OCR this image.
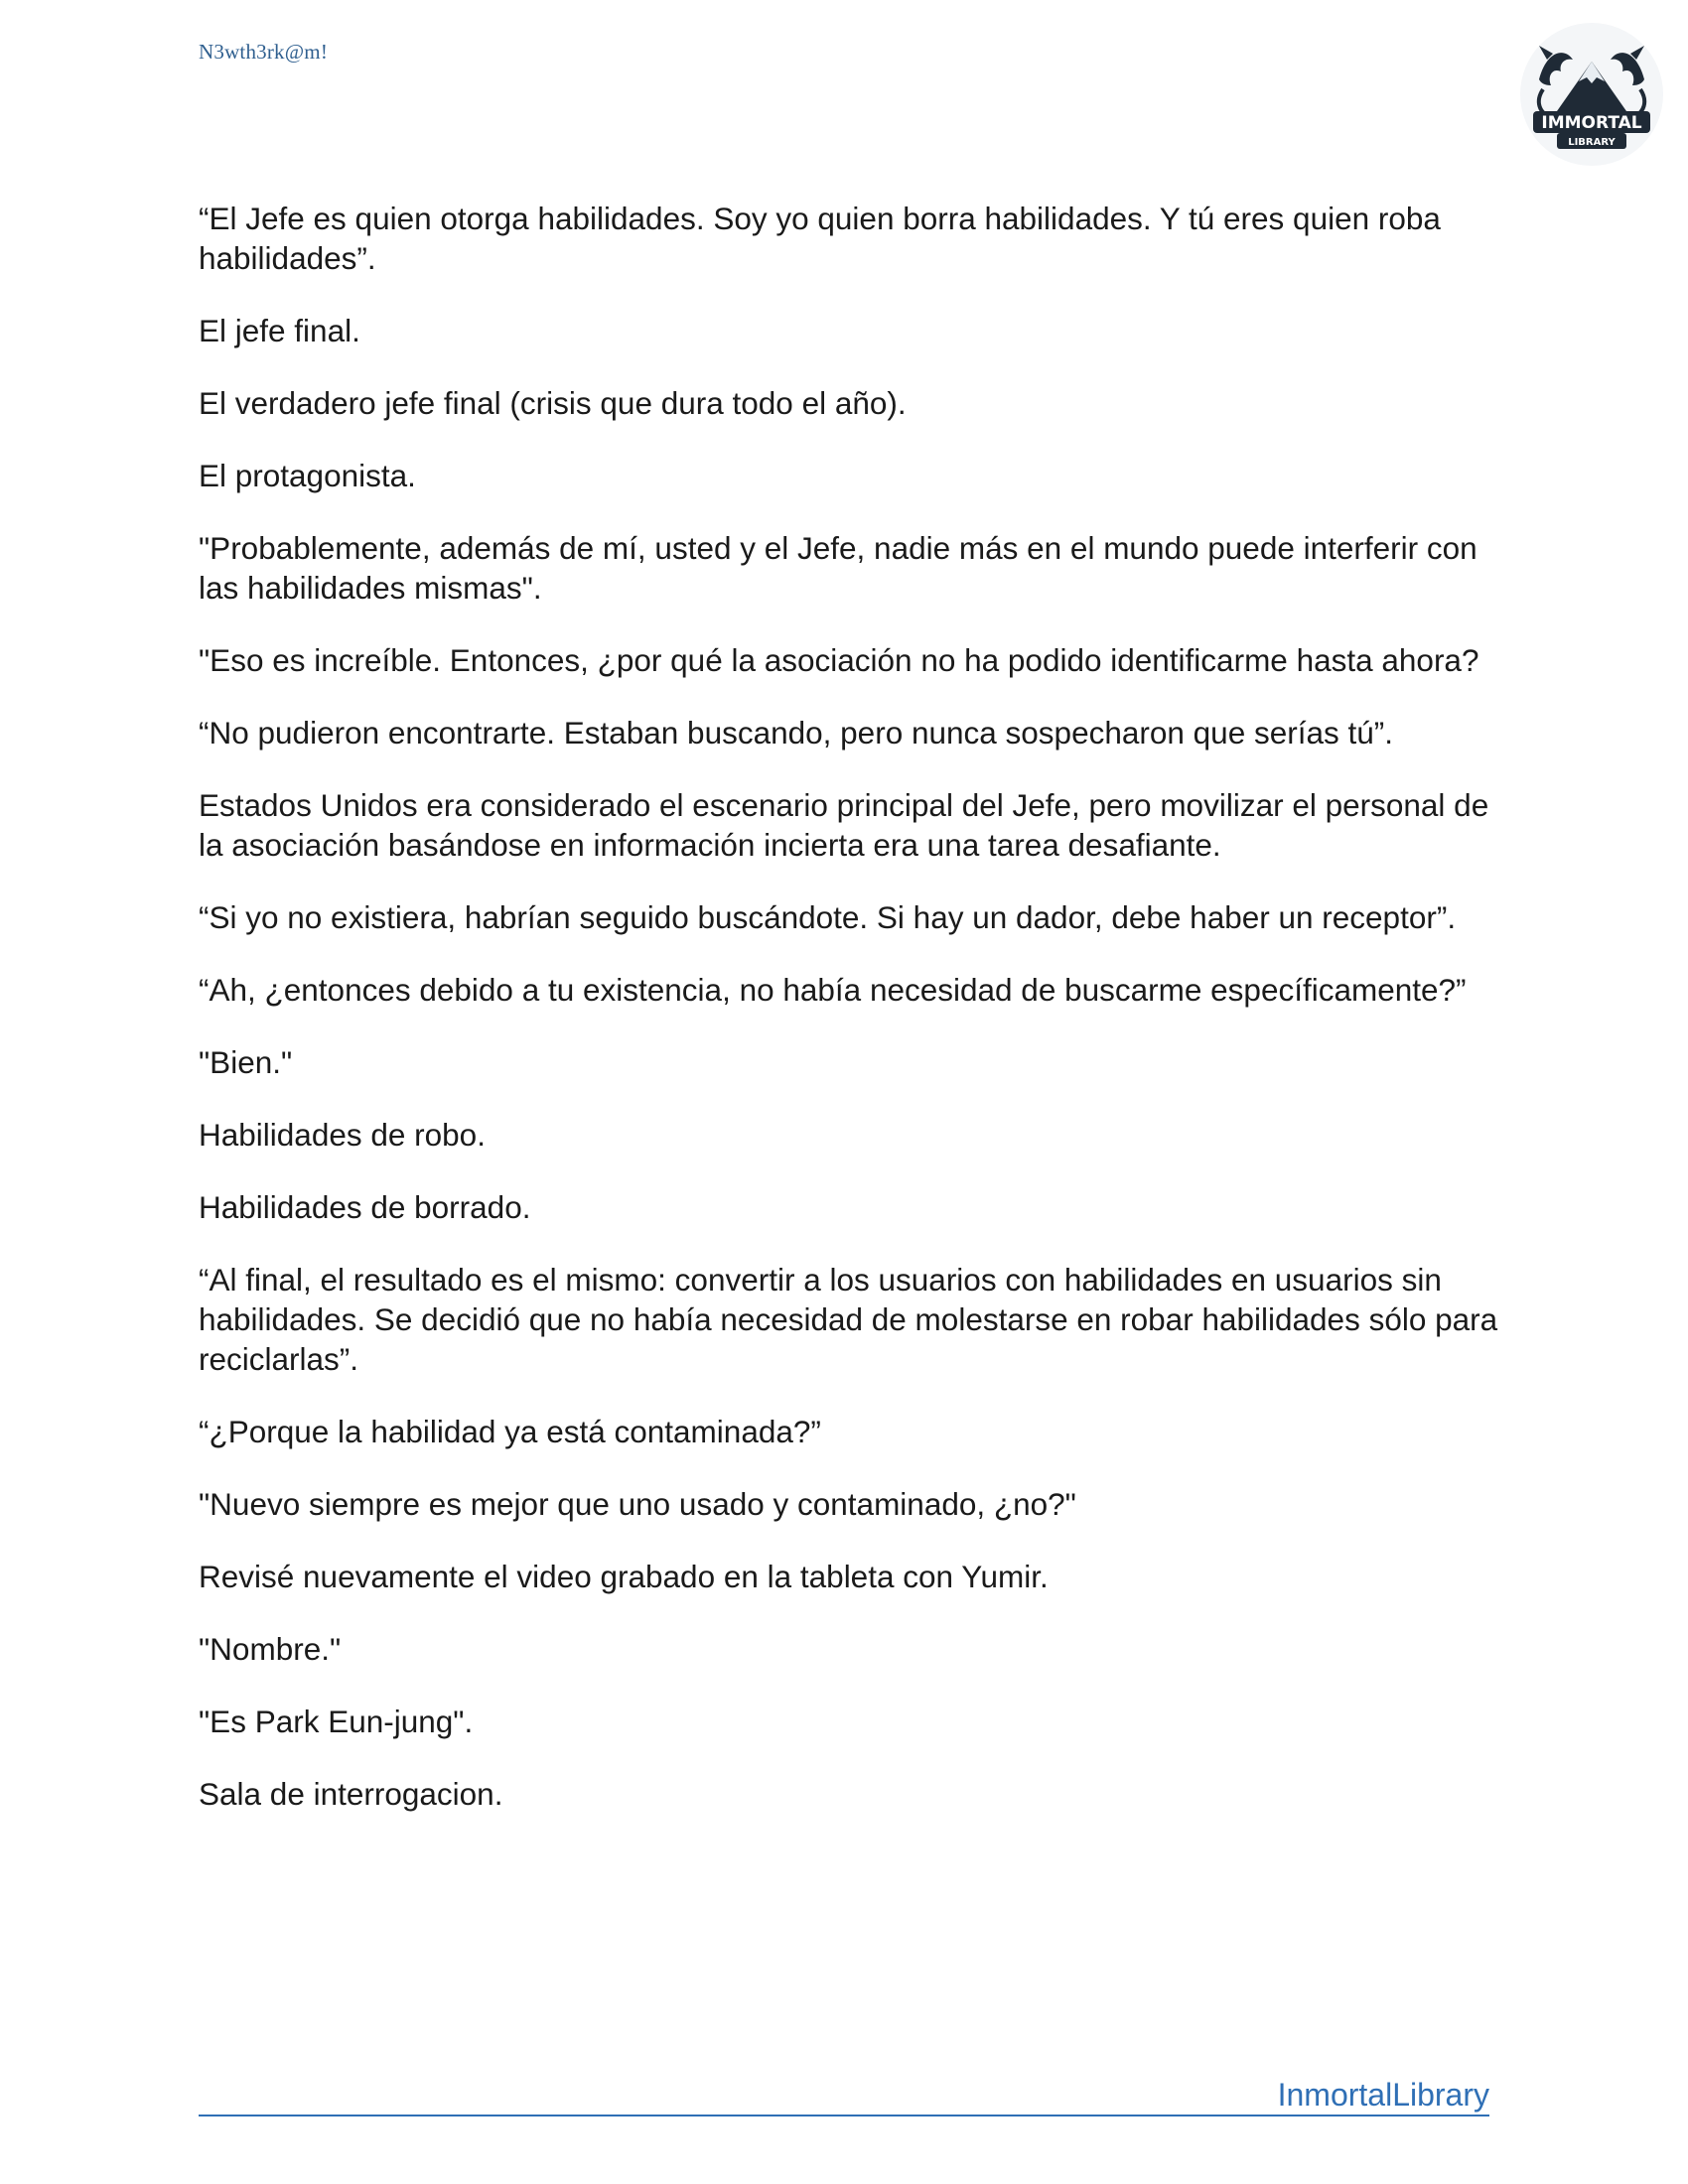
N3wth3rk@m!
IMMORTAL
LIBRARY

“El Jefe es quien otorga habilidades. Soy yo quien borra habilidades. Y tú eres quien roba habilidades”.

El jefe final.

El verdadero jefe final (crisis que dura todo el año).

El protagonista.

"Probablemente, además de mí, usted y el Jefe, nadie más en el mundo puede interferir con las habilidades mismas".

"Eso es increíble. Entonces, ¿por qué la asociación no ha podido identificarme hasta ahora?

“No pudieron encontrarte. Estaban buscando, pero nunca sospecharon que serías tú”.

Estados Unidos era considerado el escenario principal del Jefe, pero movilizar el personal de la asociación basándose en información incierta era una tarea desafiante.

“Si yo no existiera, habrían seguido buscándote. Si hay un dador, debe haber un receptor”.

“Ah, ¿entonces debido a tu existencia, no había necesidad de buscarme específicamente?”

"Bien."

Habilidades de robo.

Habilidades de borrado.

“Al final, el resultado es el mismo: convertir a los usuarios con habilidades en usuarios sin habilidades. Se decidió que no había necesidad de molestarse en robar habilidades sólo para reciclarlas”.

“¿Porque la habilidad ya está contaminada?”

"Nuevo siempre es mejor que uno usado y contaminado, ¿no?"

Revisé nuevamente el video grabado en la tableta con Yumir.

"Nombre."

"Es Park Eun-jung".

Sala de interrogacion.

InmortalLibrary
